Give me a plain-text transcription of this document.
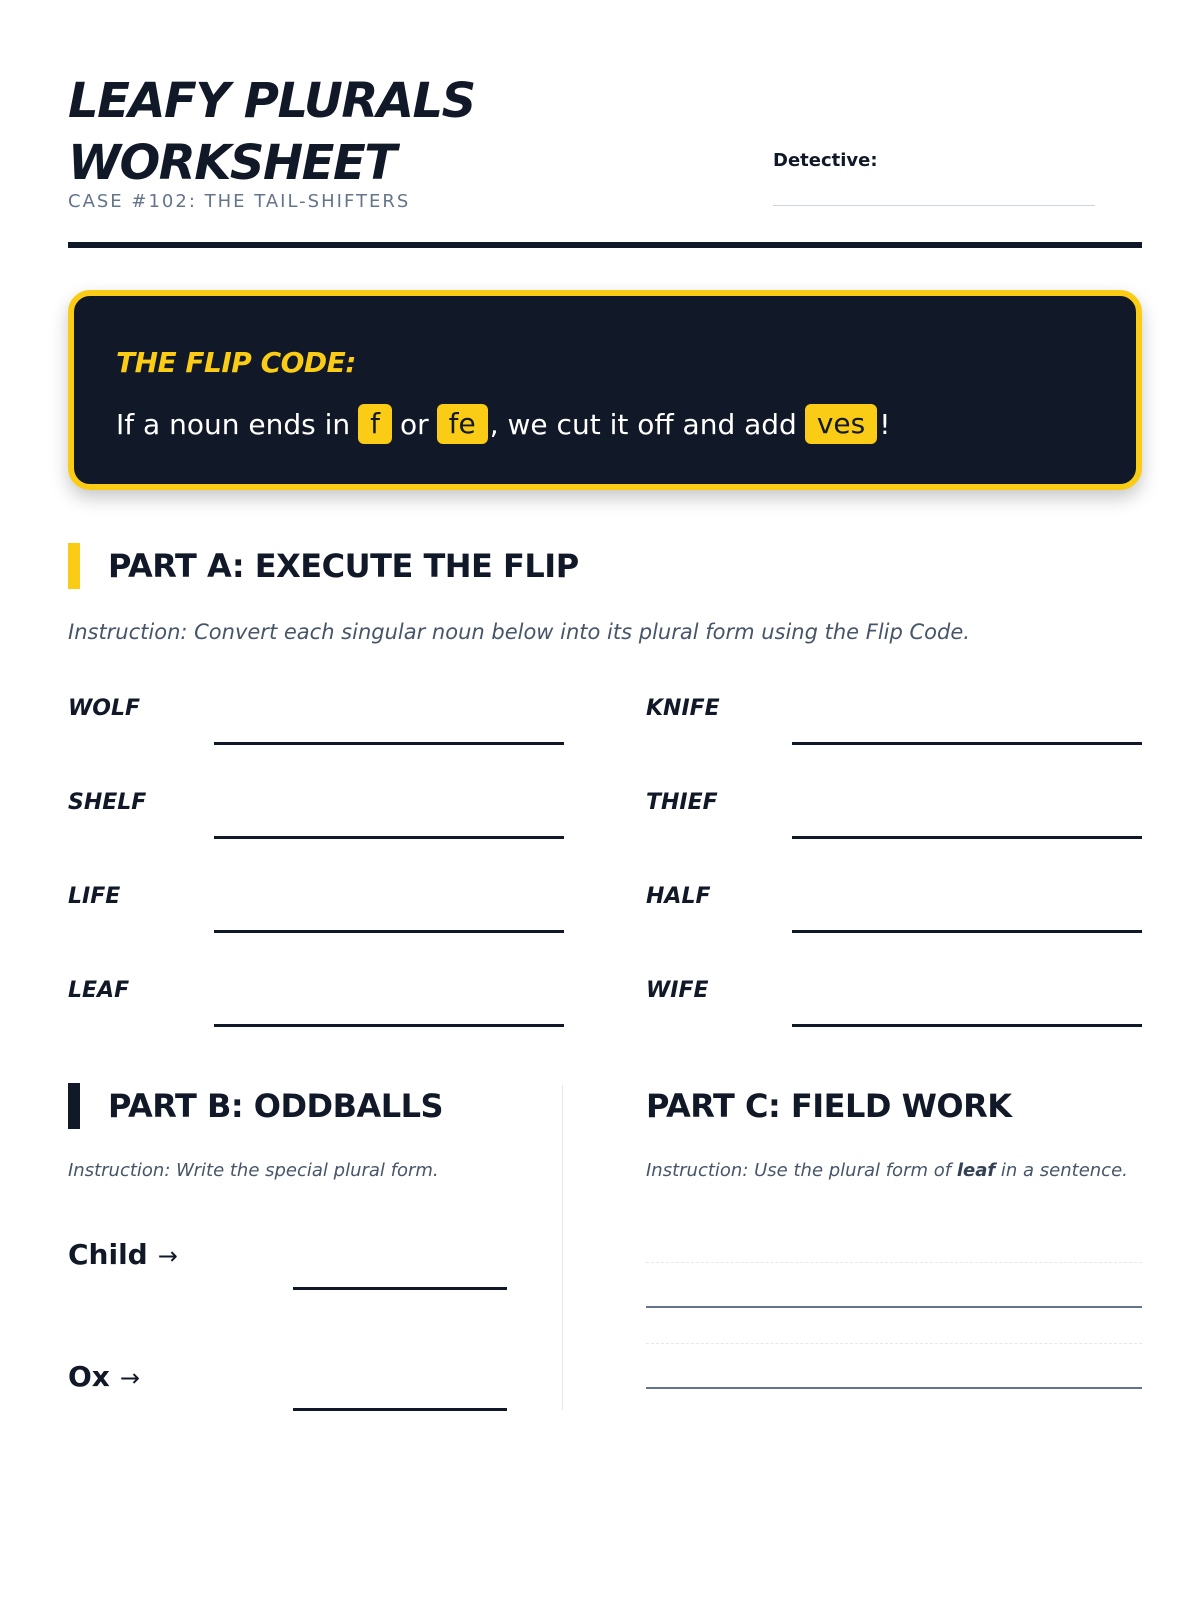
LEAFY PLURALS
WORKSHEET
CASE #102: THE TAIL-SHIFTERS
Detective:
THE FLIP CODE:
If a noun ends in f or fe , we cut it off and add ves !
PART A: EXECUTE THE FLIP
Instruction: Convert each singular noun below into its plural form using the Flip Code.
WOLF
SHELF
LIFE
LEAF
KNIFE
THIEF
HALF
WIFE
PART B: ODDBALLS
Instruction: Write the special plural form.
Child →
Ox →
PART C: FIELD WORK
Instruction: Use the plural form of leaf in a sentence.
